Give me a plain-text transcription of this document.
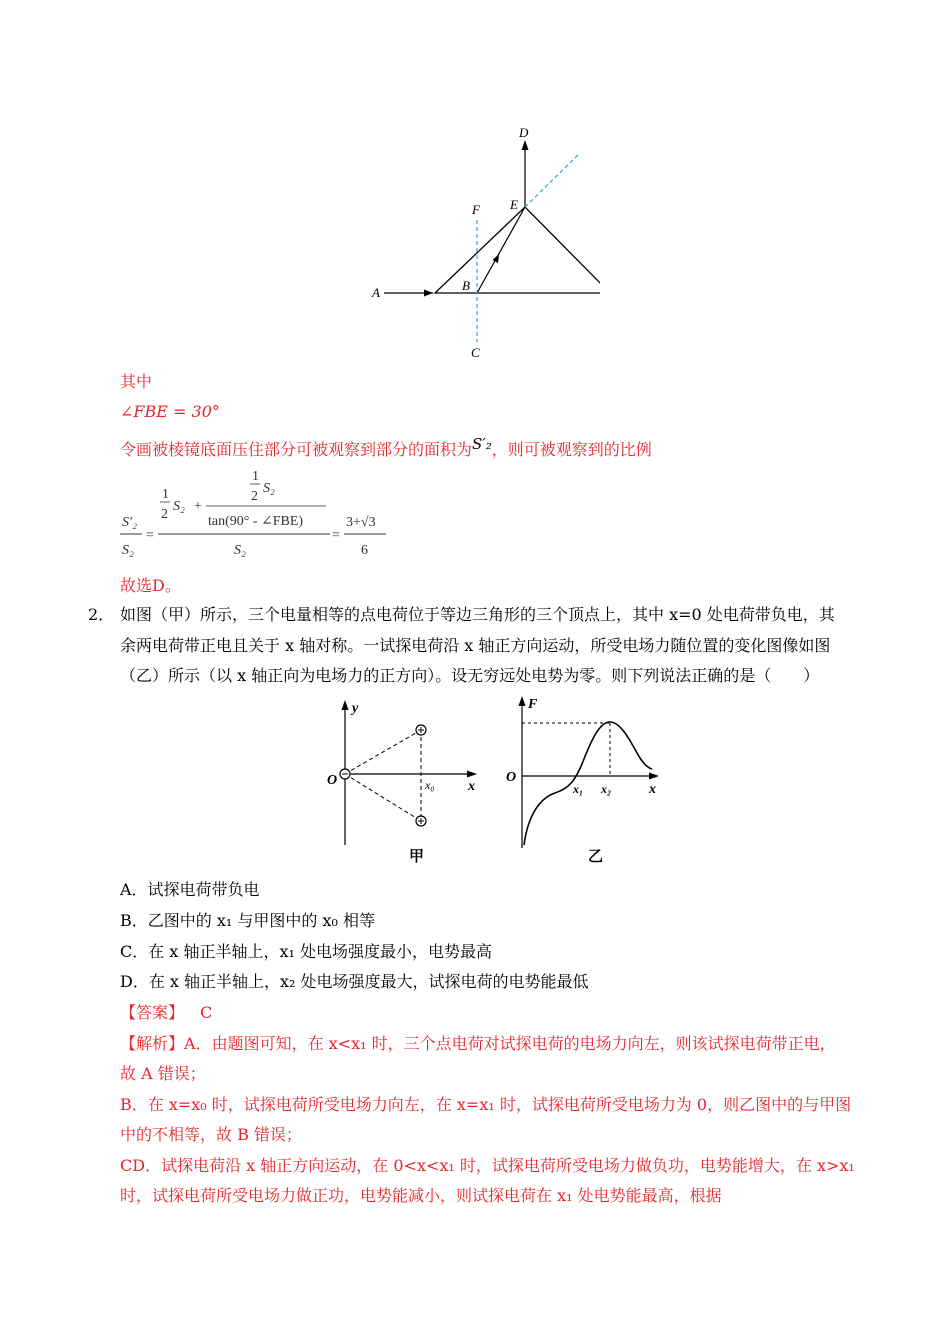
D
E
F
A	B
C
其中
∠FBE = 30°
令画被棱镜底面压住部分可被观察到部分的面积为S′₂，则可被观察到的比例
S′₂
S₂
=
1
2
S₂ +
1
2
S₂
tan(90° - ∠FBE)
S₂
=
3+√3
6
故选D。
2． 如图（甲）所示，三个电量相等的点电荷位于等边三角形的三个顶点上，其中 x=0 处电荷带负电，其
余两电荷带正电且关于 x 轴对称。一试探电荷沿 x 轴正方向运动，所受电场力随位置的变化图像如图
（乙）所示（以 x 轴正向为电场力的正方向）。设无穷远处电势为零。则下列说法正确的是（　　）
y
x
O	x₀
甲
F
O
x₁ x₂	x
乙
A．试探电荷带负电
B．乙图中的 x₁ 与甲图中的 x₀ 相等
C．在 x 轴正半轴上，x₁ 处电场强度最小，电势最高
D．在 x 轴正半轴上，x₂ 处电场强度最大，试探电荷的电势能最低
【答案】 C
【解析】A．由题图可知，在 x<x₁ 时，三个点电荷对试探电荷的电场力向左，则该试探电荷带正电，
故 A 错误；
B．在 x=x₀ 时，试探电荷所受电场力向左，在 x=x₁ 时，试探电荷所受电场力为 0，则乙图中的与甲图
中的不相等，故 B 错误；
CD．试探电荷沿 x 轴正方向运动，在 0<x<x₁ 时，试探电荷所受电场力做负功，电势能增大，在 x>x₁
时，试探电荷所受电场力做正功，电势能减小，则试探电荷在 x₁ 处电势能最高，根据
